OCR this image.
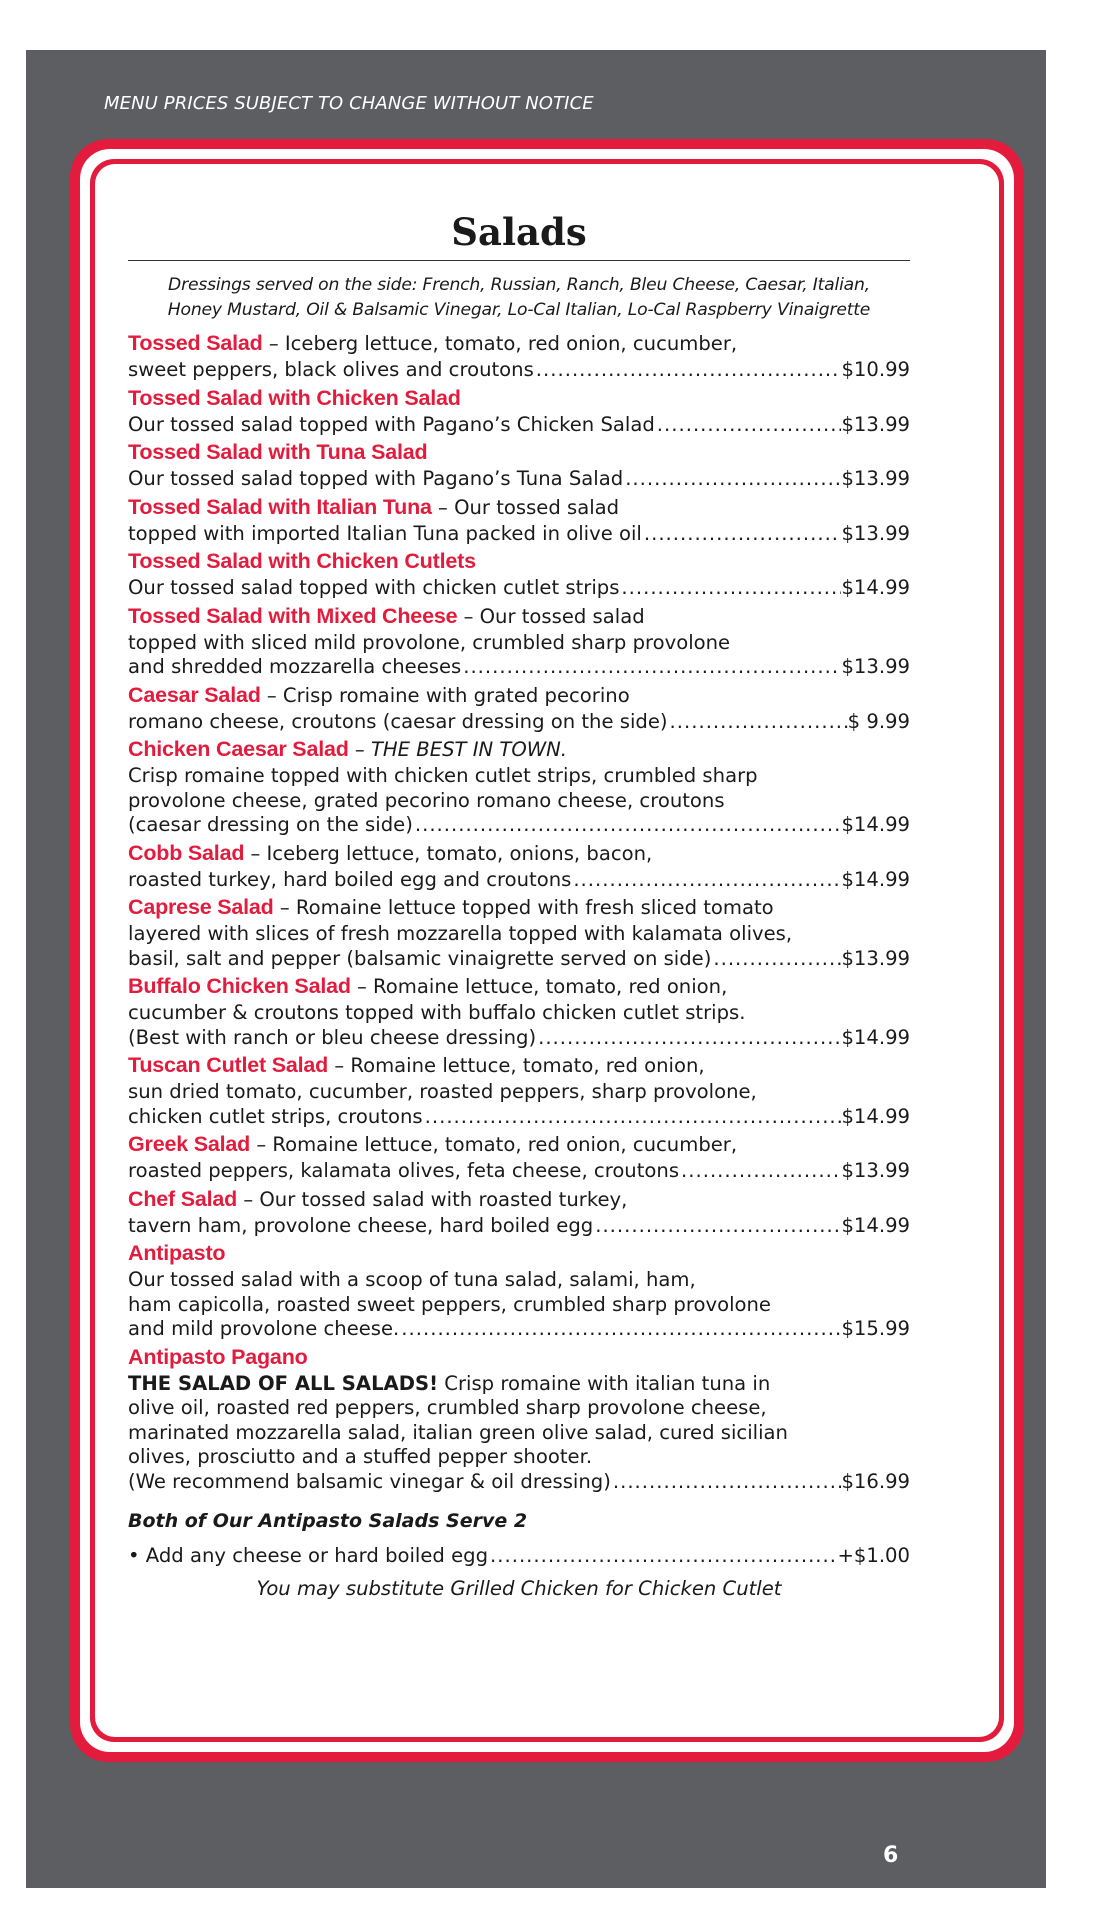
MENU PRICES SUBJECT TO CHANGE WITHOUT NOTICE
6
Salads
Dressings served on the side: French, Russian, Ranch, Bleu Cheese, Caesar, Italian,
Honey Mustard, Oil & Balsamic Vinegar, Lo-Cal Italian, Lo-Cal Raspberry Vinaigrette
Tossed Salad – Iceberg lettuce, tomato, red onion, cucumber,
sweet peppers, black olives and croutons .....	$10.99
Tossed Salad with Chicken Salad
Our tossed salad topped with Pagano’s Chicken Salad .....	$13.99
Tossed Salad with Tuna Salad
Our tossed salad topped with Pagano’s Tuna Salad .....	$13.99
Tossed Salad with Italian Tuna – Our tossed salad
topped with imported Italian Tuna packed in olive oil .....	$13.99
Tossed Salad with Chicken Cutlets
Our tossed salad topped with chicken cutlet strips .....	$14.99
Tossed Salad with Mixed Cheese – Our tossed salad
topped with sliced mild provolone, crumbled sharp provolone
and shredded mozzarella cheeses .....	$13.99
Caesar Salad – Crisp romaine with grated pecorino
romano cheese, croutons (caesar dressing on the side) .....	$ 9.99
Chicken Caesar Salad – THE BEST IN TOWN.
Crisp romaine topped with chicken cutlet strips, crumbled sharp
provolone cheese, grated pecorino romano cheese, croutons
(caesar dressing on the side) .....	$14.99
Cobb Salad – Iceberg lettuce, tomato, onions, bacon,
roasted turkey, hard boiled egg and croutons .....	$14.99
Caprese Salad – Romaine lettuce topped with fresh sliced tomato
layered with slices of fresh mozzarella topped with kalamata olives,
basil, salt and pepper (balsamic vinaigrette served on side) .....	$13.99
Buffalo Chicken Salad – Romaine lettuce, tomato, red onion,
cucumber & croutons topped with buffalo chicken cutlet strips.
(Best with ranch or bleu cheese dressing) .....	$14.99
Tuscan Cutlet Salad – Romaine lettuce, tomato, red onion,
sun dried tomato, cucumber, roasted peppers, sharp provolone,
chicken cutlet strips, croutons .....	$14.99
Greek Salad – Romaine lettuce, tomato, red onion, cucumber,
roasted peppers, kalamata olives, feta cheese, croutons .....	$13.99
Chef Salad – Our tossed salad with roasted turkey,
tavern ham, provolone cheese, hard boiled egg .....	$14.99
Antipasto
Our tossed salad with a scoop of tuna salad, salami, ham,
ham capicolla, roasted sweet peppers, crumbled sharp provolone
and mild provolone cheese. .....	$15.99
Antipasto Pagano
THE SALAD OF ALL SALADS! Crisp romaine with italian tuna in
olive oil, roasted red peppers, crumbled sharp provolone cheese,
marinated mozzarella salad, italian green olive salad, cured sicilian
olives, prosciutto and a stuffed pepper shooter.
(We recommend balsamic vinegar & oil dressing) .....	$16.99
Both of Our Antipasto Salads Serve 2
• Add any cheese or hard boiled egg .....	+$1.00
You may substitute Grilled Chicken for Chicken Cutlet
